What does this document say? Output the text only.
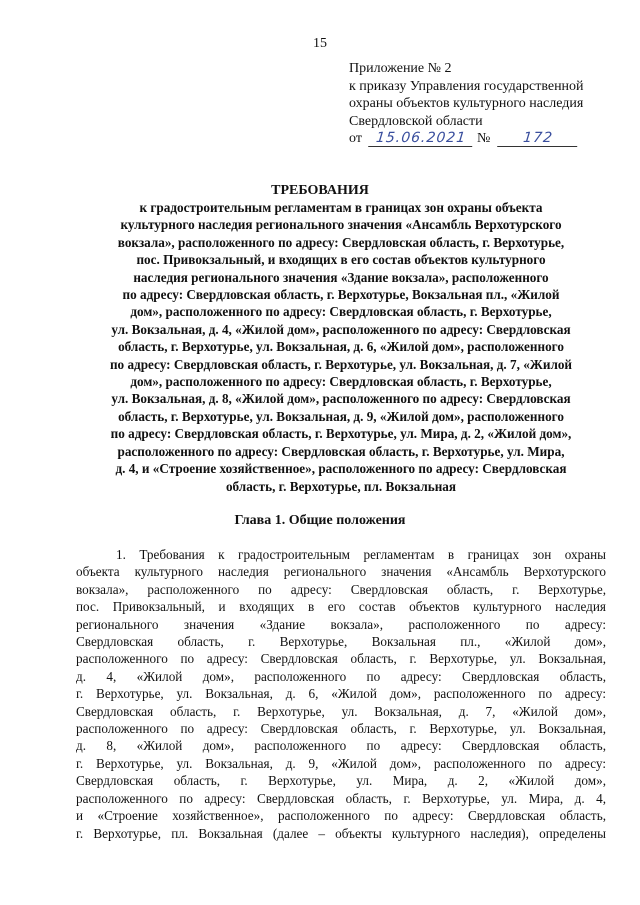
15
Приложение № 2
к приказу Управления государственной
охраны объектов культурного наследия
Свердловской области
от 15.06.2021 № 172
ТРЕБОВАНИЯ
к градостроительным регламентам в границах зон охраны объекта
культурного наследия регионального значения «Ансамбль Верхотурского
вокзала», расположенного по адресу: Свердловская область, г. Верхотурье,
пос. Привокзальный, и входящих в его состав объектов культурного
наследия регионального значения «Здание вокзала», расположенного
по адресу: Свердловская область, г. Верхотурье, Вокзальная пл., «Жилой
дом», расположенного по адресу: Свердловская область, г. Верхотурье,
ул. Вокзальная, д. 4, «Жилой дом», расположенного по адресу: Свердловская
область, г. Верхотурье, ул. Вокзальная, д. 6, «Жилой дом», расположенного
по адресу: Свердловская область, г. Верхотурье, ул. Вокзальная, д. 7, «Жилой
дом», расположенного по адресу: Свердловская область, г. Верхотурье,
ул. Вокзальная, д. 8, «Жилой дом», расположенного по адресу: Свердловская
область, г. Верхотурье, ул. Вокзальная, д. 9, «Жилой дом», расположенного
по адресу: Свердловская область, г. Верхотурье, ул. Мира, д. 2, «Жилой дом»,
расположенного по адресу: Свердловская область, г. Верхотурье, ул. Мира,
д. 4, и «Строение хозяйственное», расположенного по адресу: Свердловская
область, г. Верхотурье, пл. Вокзальная
Глава 1. Общие положения
1. Требования к градостроительным регламентам в границах зон охраны
объекта культурного наследия регионального значения «Ансамбль Верхотурского
вокзала», расположенного по адресу: Свердловская область, г. Верхотурье,
пос. Привокзальный, и входящих в его состав объектов культурного наследия
регионального значения «Здание вокзала», расположенного по адресу:
Свердловская область, г. Верхотурье, Вокзальная пл., «Жилой дом»,
расположенного по адресу: Свердловская область, г. Верхотурье, ул. Вокзальная,
д. 4, «Жилой дом», расположенного по адресу: Свердловская область,
г. Верхотурье, ул. Вокзальная, д. 6, «Жилой дом», расположенного по адресу:
Свердловская область, г. Верхотурье, ул. Вокзальная, д. 7, «Жилой дом»,
расположенного по адресу: Свердловская область, г. Верхотурье, ул. Вокзальная,
д. 8, «Жилой дом», расположенного по адресу: Свердловская область,
г. Верхотурье, ул. Вокзальная, д. 9, «Жилой дом», расположенного по адресу:
Свердловская область, г. Верхотурье, ул. Мира, д. 2, «Жилой дом»,
расположенного по адресу: Свердловская область, г. Верхотурье, ул. Мира, д. 4,
и «Строение хозяйственное», расположенного по адресу: Свердловская область,
г. Верхотурье, пл. Вокзальная (далее – объекты культурного наследия), определены
